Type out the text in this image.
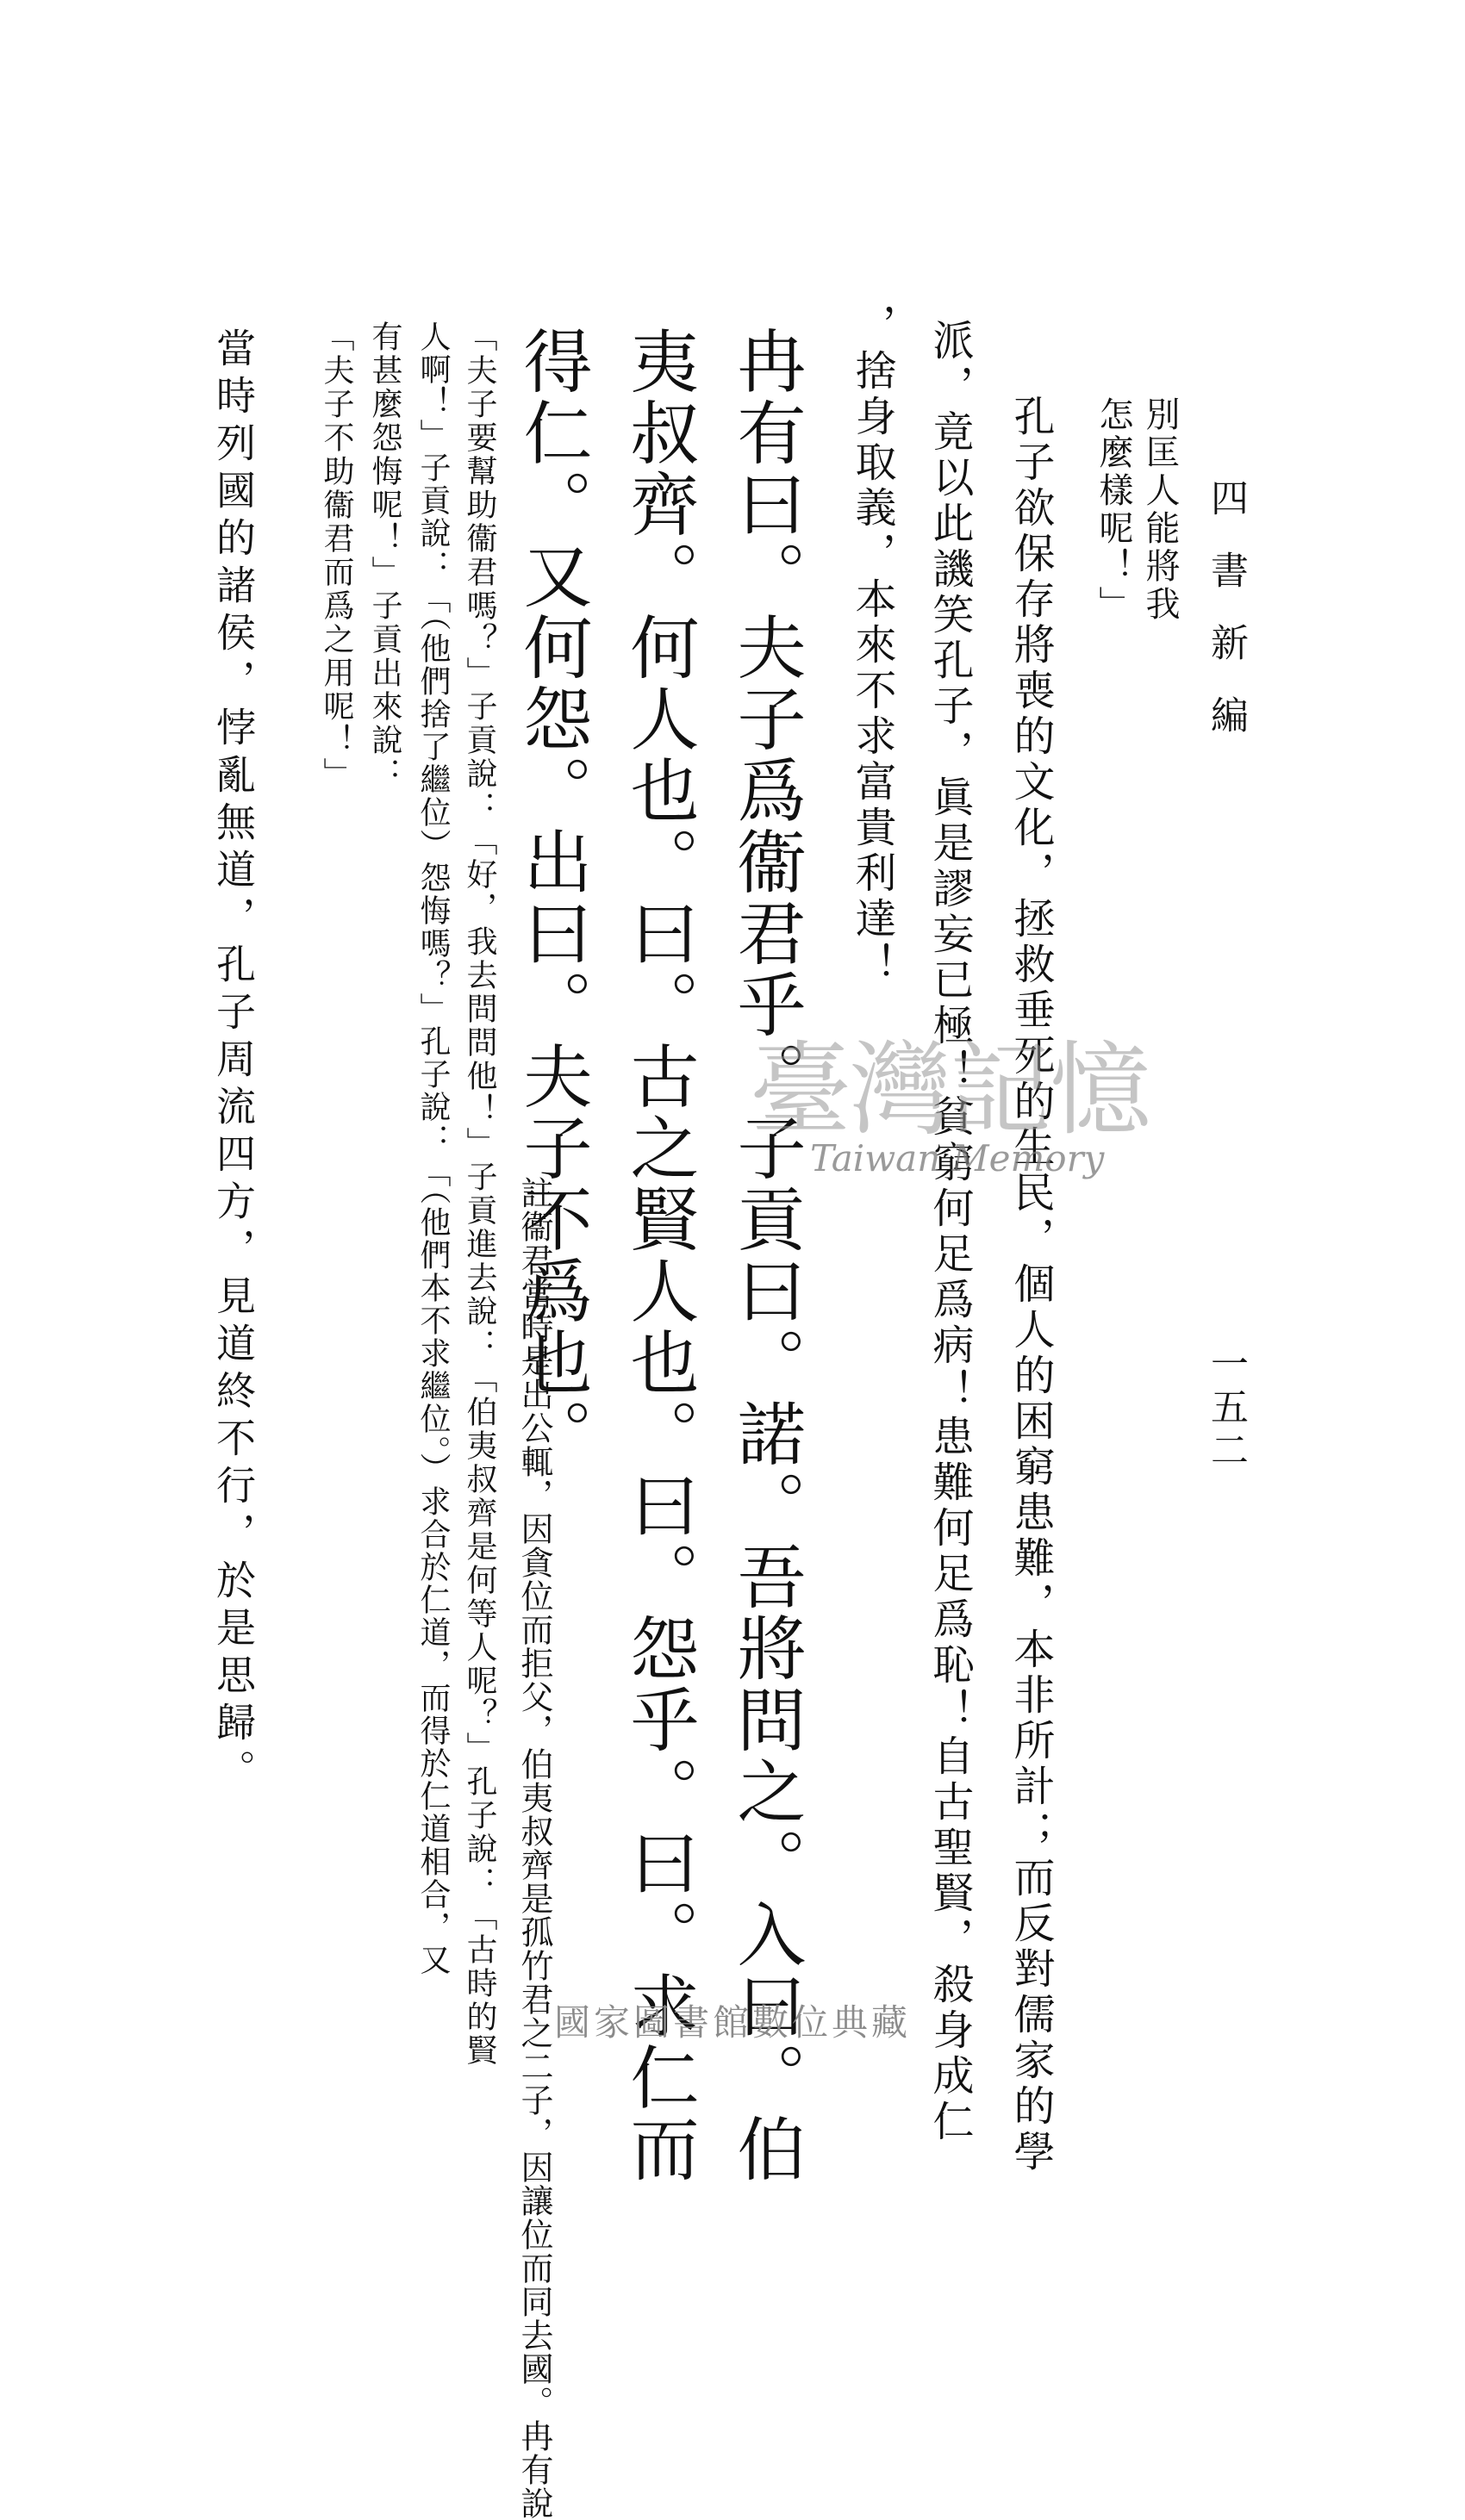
四書新編
一五二
別匡人能將我
怎麼樣呢！」
孔子欲保存將喪的文化，拯救垂死的生民，個人的困窮患難，本非所計；而反對儒家的學
派，竟以此譏笑孔子，眞是謬妄已極！貧窮何足爲病！患難何足爲恥！自古聖賢，殺身成仁
，捨身取義，本來不求富貴利達！
冉有曰。夫子爲衞君乎。子貢曰。諾。吾將問之。入曰。伯
夷叔齊。何人也。曰。古之賢人也。曰。怨乎。曰。求仁而
得仁。又何怨。出曰。夫子不爲也。
註衞君當時是出公輒，因貪位而拒父，伯夷叔齊是孤竹君之二子，因讓位而同去國。冉有說
「夫子要幫助衞君嗎？」子貢說：「好，我去問問他！」子貢進去說：「伯夷叔齊是何等人呢？」孔子說：「古時的賢
人啊！」子貢說：「（他們捨了繼位）怨悔嗎？」孔子說：「（他們本不求繼位。）求合於仁道，而得於仁道相合，又
有甚麼怨悔呢！」子貢出來說：
「夫子不助衞君而爲之用呢！」
當時列國的諸侯，悖亂無道，孔子周流四方，見道終不行，於是思歸。	臺灣記憶
Taiwan Memory
國家圖書館數位典藏
